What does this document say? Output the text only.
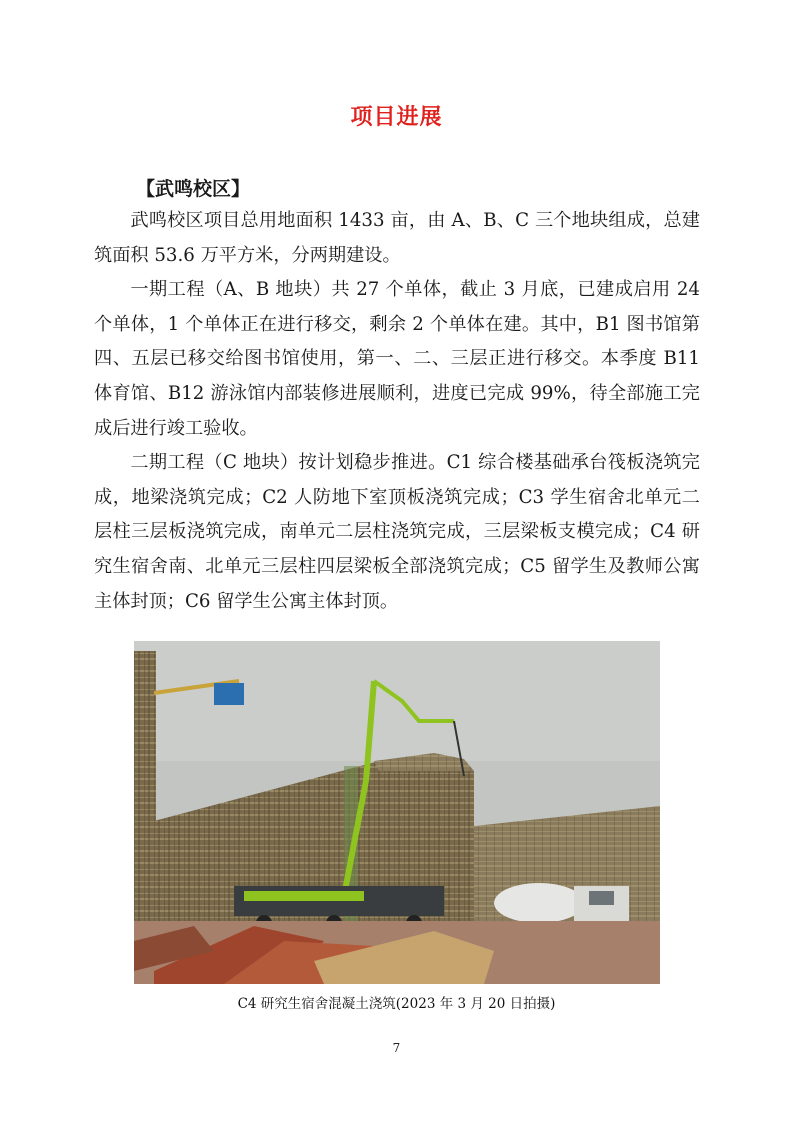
项目进展
【武鸣校区】

武鸣校区项目总用地面积 1433 亩，由 A、B、C 三个地块组成，总建筑面积 53.6 万平方米，分两期建设。

一期工程（A、B 地块）共 27 个单体，截止 3 月底，已建成启用 24 个单体，1 个单体正在进行移交，剩余 2 个单体在建。其中，B1 图书馆第四、五层已移交给图书馆使用，第一、二、三层正进行移交。本季度 B11 体育馆、B12 游泳馆内部装修进展顺利，进度已完成 99%，待全部施工完成后进行竣工验收。

二期工程（C 地块）按计划稳步推进。C1 综合楼基础承台筏板浇筑完成，地梁浇筑完成；C2 人防地下室顶板浇筑完成；C3 学生宿舍北单元二层柱三层板浇筑完成，南单元二层柱浇筑完成，三层梁板支模完成；C4 研究生宿舍南、北单元三层柱四层梁板全部浇筑完成；C5 留学生及教师公寓主体封顶；C6 留学生公寓主体封顶。

C4 研究生宿舍混凝土浇筑(2023 年 3 月 20 日拍摄)
7
